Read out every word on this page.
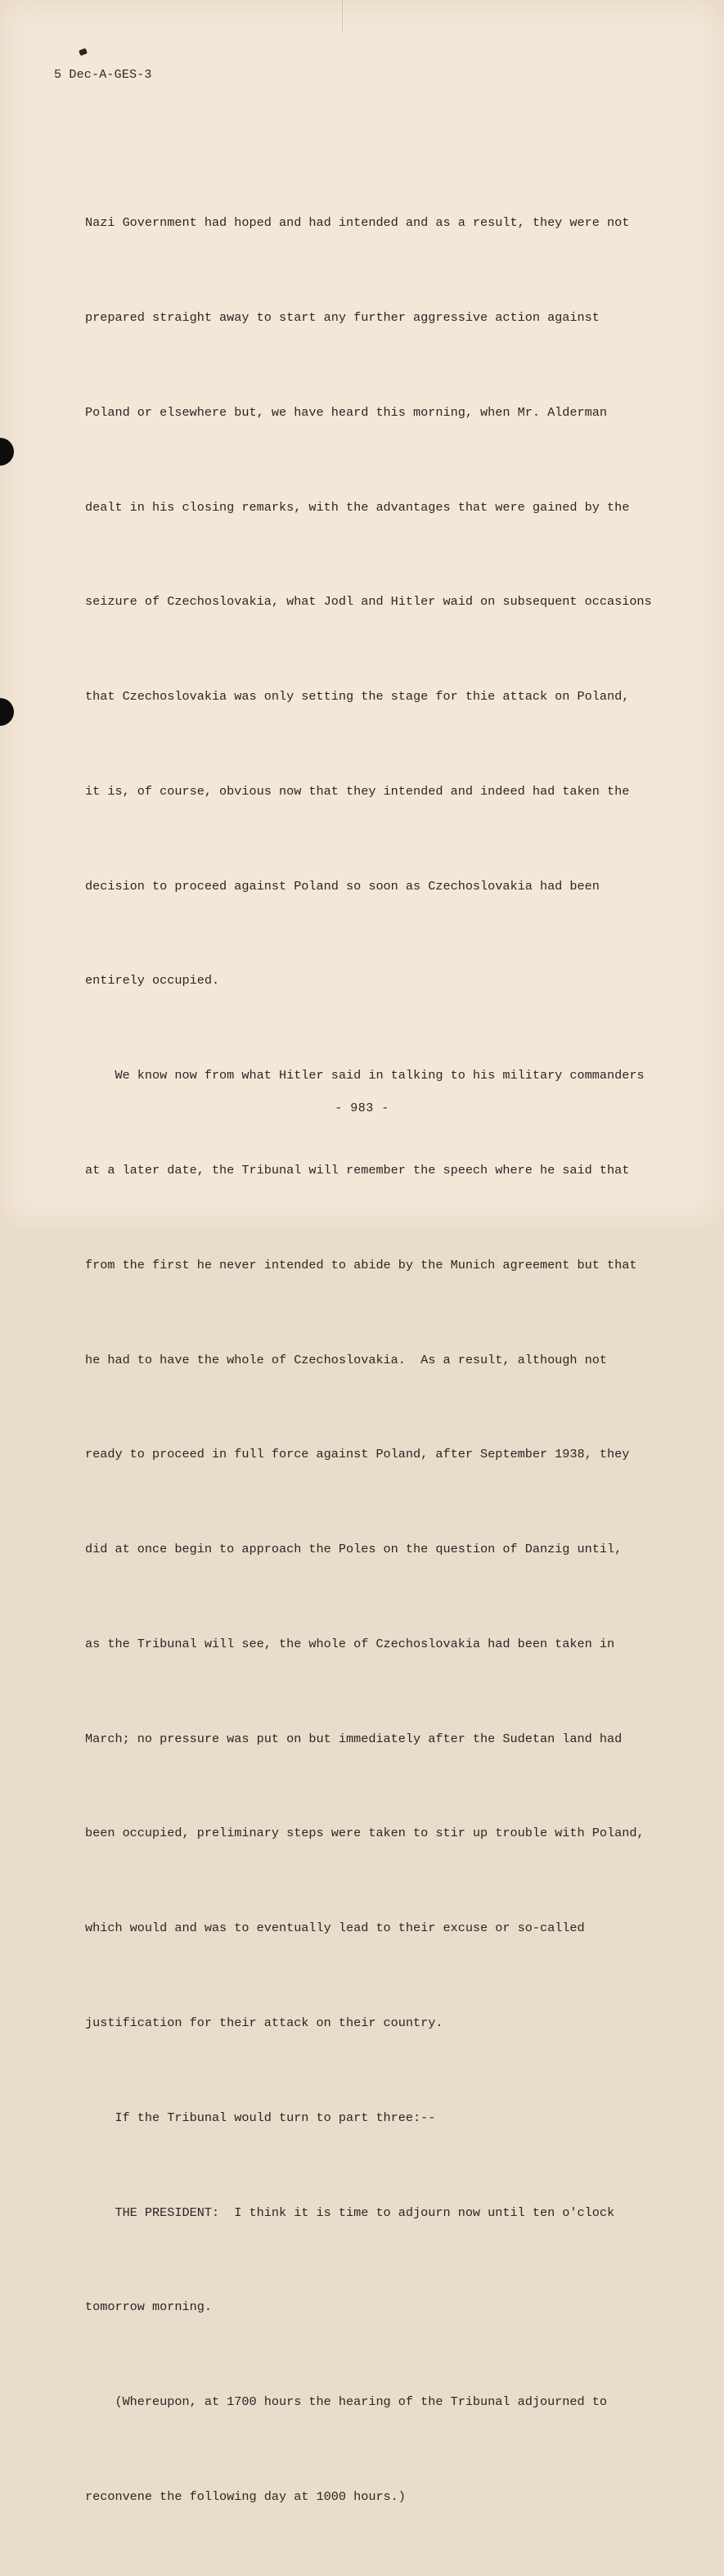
5 Dec-A-GES-3

Nazi Government had hoped and had intended and as a result, they were not

prepared straight away to start any further aggressive action against

Poland or elsewhere but, we have heard this morning, when Mr. Alderman

dealt in his closing remarks, with the advantages that were gained by the

seizure of Czechoslovakia, what Jodl and Hitler waid on subsequent occasions

that Czechoslovakia was only setting the stage for thie attack on Poland,

it is, of course, obvious now that they intended and indeed had taken the

decision to proceed against Poland so soon as Czechoslovakia had been

entirely occupied.

We know now from what Hitler said in talking to his military commanders

at a later date, the Tribunal will remember the speech where he said that

from the first he never intended to abide by the Munich agreement but that

he had to have the whole of Czechoslovakia.  As a result, although not

ready to proceed in full force against Poland, after September 1938, they

did at once begin to approach the Poles on the question of Danzig until,

as the Tribunal will see, the whole of Czechoslovakia had been taken in

March; no pressure was put on but immediately after the Sudetan land had

been occupied, preliminary steps were taken to stir up trouble with Poland,

which would and was to eventually lead to their excuse or so-called

justification for their attack on their country.

If the Tribunal would turn to part three:--

THE PRESIDENT:  I think it is time to adjourn now until ten o'clock

tomorrow morning.

(Whereupon, at 1700 hours the hearing of the Tribunal adjourned to

reconvene the following day at 1000 hours.)

- 983 -
